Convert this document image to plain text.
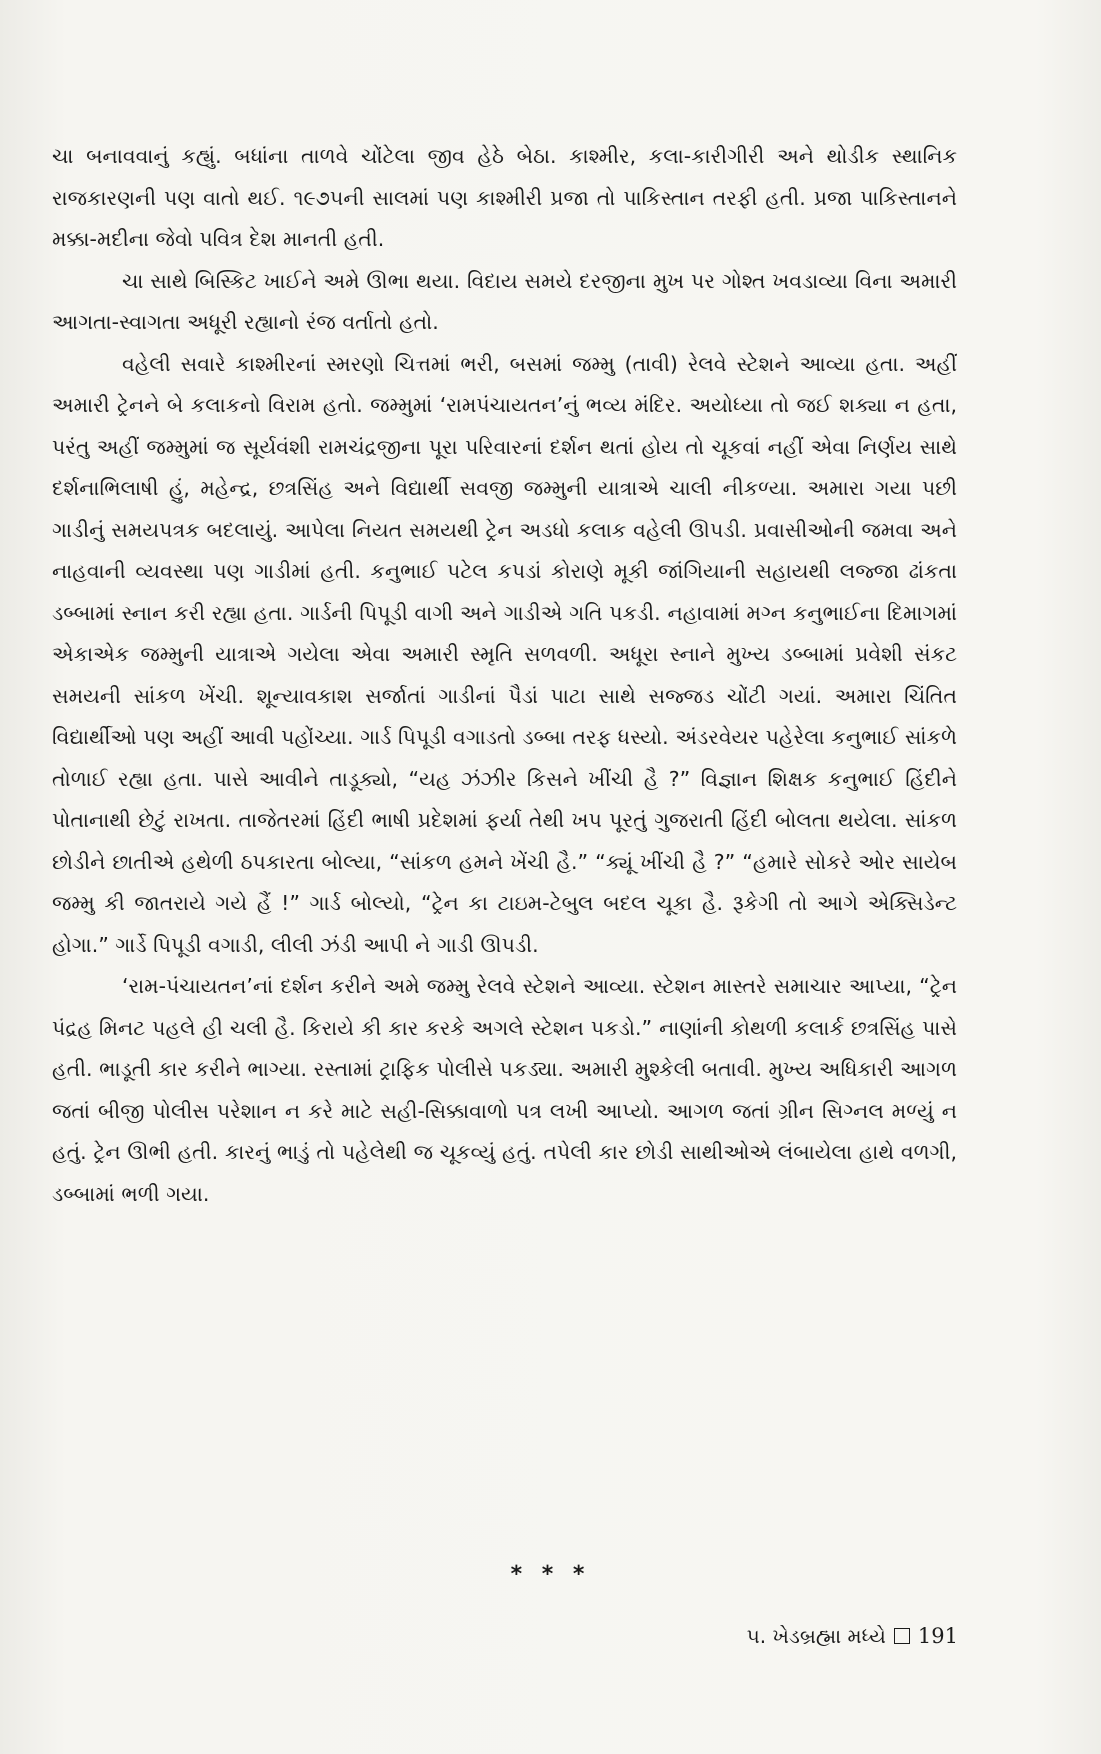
ચા બનાવવાનું કહ્યું. બધાંના તાળવે ચોંટેલા જીવ હેઠે બેઠા. કાશ્મીર, કલા-કારીગીરી અને થોડીક સ્થાનિક રાજકારણની પણ વાતો થઈ. ૧૯૭૫ની સાલમાં પણ કાશ્મીરી પ્રજા તો પાકિસ્તાન તરફી હતી. પ્રજા પાકિસ્તાનને મક્કા-મદીના જેવો પવિત્ર દેશ માનતી હતી.

ચા સાથે બિસ્કિટ ખાઈને અમે ઊભા થયા. વિદાય સમયે દરજીના મુખ પર ગોશ્ત ખવડાવ્યા વિના અમારી આગતા-સ્વાગતા અધૂરી રહ્યાનો રંજ વર્તાતો હતો.

વહેલી સવારે કાશ્મીરનાં સ્મરણો ચિત્તમાં ભરી, બસમાં જમ્મુ (તાવી) રેલવે સ્ટેશને આવ્યા હતા. અહીં અમારી ટ્રેનને બે કલાકનો વિરામ હતો. જમ્મુમાં ‘રામપંચાયતન’નું ભવ્ય મંદિર. અયોધ્યા તો જઈ શક્યા ન હતા, પરંતુ અહીં જમ્મુમાં જ સૂર્યવંશી રામચંદ્રજીના પૂરા પરિવારનાં દર્શન થતાં હોય તો ચૂકવાં નહીં એવા નિર્ણય સાથે દર્શનાભિલાષી હું, મહેન્દ્ર, છત્રસિંહ અને વિદ્યાર્થી સવજી જમ્મુની યાત્રાએ ચાલી નીકળ્યા. અમારા ગયા પછી ગાડીનું સમયપત્રક બદલાયું. આપેલા નિયત સમયથી ટ્રેન અડધો કલાક વહેલી ઊપડી. પ્રવાસીઓની જમવા અને નાહવાની વ્યવસ્થા પણ ગાડીમાં હતી. કનુભાઈ પટેલ કપડાં કોરાણે મૂકી જાંગિયાની સહાયથી લજ્જા ઢાંકતા ડબ્બામાં સ્નાન કરી રહ્યા હતા. ગાર્ડની પિપૂડી વાગી અને ગાડીએ ગતિ પકડી. નહાવામાં મગ્ન કનુભાઈના દિમાગમાં એકાએક જમ્મુની યાત્રાએ ગયેલા એવા અમારી સ્મૃતિ સળવળી. અધૂરા સ્નાને મુખ્ય ડબ્બામાં પ્રવેશી સંકટ સમયની સાંકળ ખેંચી. શૂન્યાવકાશ સર્જાતાં ગાડીનાં પૈડાં પાટા સાથે સજ્જડ ચોંટી ગયાં. અમારા ચિંતિત વિદ્યાર્થીઓ પણ અહીં આવી પહોંચ્યા. ગાર્ડ પિપૂડી વગાડતો ડબ્બા તરફ ધસ્યો. અંડરવેયર પહેરેલા કનુભાઈ સાંકળે તોળાઈ રહ્યા હતા. પાસે આવીને તાડૂક્યો, “યહ ઝંઝીર કિસને ખીંચી હૈ ?” વિજ્ઞાન શિક્ષક કનુભાઈ હિંદીને પોતાનાથી છેટું રાખતા. તાજેતરમાં હિંદી ભાષી પ્રદેશમાં ફર્યા તેથી ખપ પૂરતું ગુજરાતી હિંદી બોલતા થયેલા. સાંકળ છોડીને છાતીએ હથેળી ઠપકારતા બોલ્યા, “સાંકળ હમને ખેંચી હૈ.” “ક્યૂં ખીંચી હૈ ?” “હમારે સોકરે ઓર સાયેબ જમ્મુ કી જાતરાયે ગયે હૈં !” ગાર્ડ બોલ્યો, “ટ્રેન કા ટાઇમ-ટેબુલ બદલ ચૂકા હૈ. રૂકેગી તો આગે એક્સિડેન્ટ હોગા.” ગાર્ડે પિપૂડી વગાડી, લીલી ઝંડી આપી ને ગાડી ઊપડી.

‘રામ-પંચાયતન’નાં દર્શન કરીને અમે જમ્મુ રેલવે સ્ટેશને આવ્યા. સ્ટેશન માસ્તરે સમાચાર આપ્યા, “ટ્રેન પંદ્રહ મિનટ પહલે હી ચલી હૈ. કિરાયે કી કાર કરકે અગલે સ્ટેશન પકડો.” નાણાંની કોથળી કલાર્ક છત્રસિંહ પાસે હતી. ભાડૂતી કાર કરીને ભાગ્યા. રસ્તામાં ટ્રાફિક પોલીસે પકડ્યા. અમારી મુશ્કેલી બતાવી. મુખ્ય અધિકારી આગળ જતાં બીજી પોલીસ પરેશાન ન કરે માટે સહી-સિક્કાવાળો પત્ર લખી આપ્યો. આગળ જતાં ગ્રીન સિગ્નલ મળ્યું ન હતું. ટ્રેન ઊભી હતી. કારનું ભાડું તો પહેલેથી જ ચૂકવ્યું હતું. તપેલી કાર છોડી સાથીઓએ લંબાયેલા હાથે વળગી, ડબ્બામાં ભળી ગયા.

* * *
૫. ખેડબ્રહ્મા મધ્યે 191
